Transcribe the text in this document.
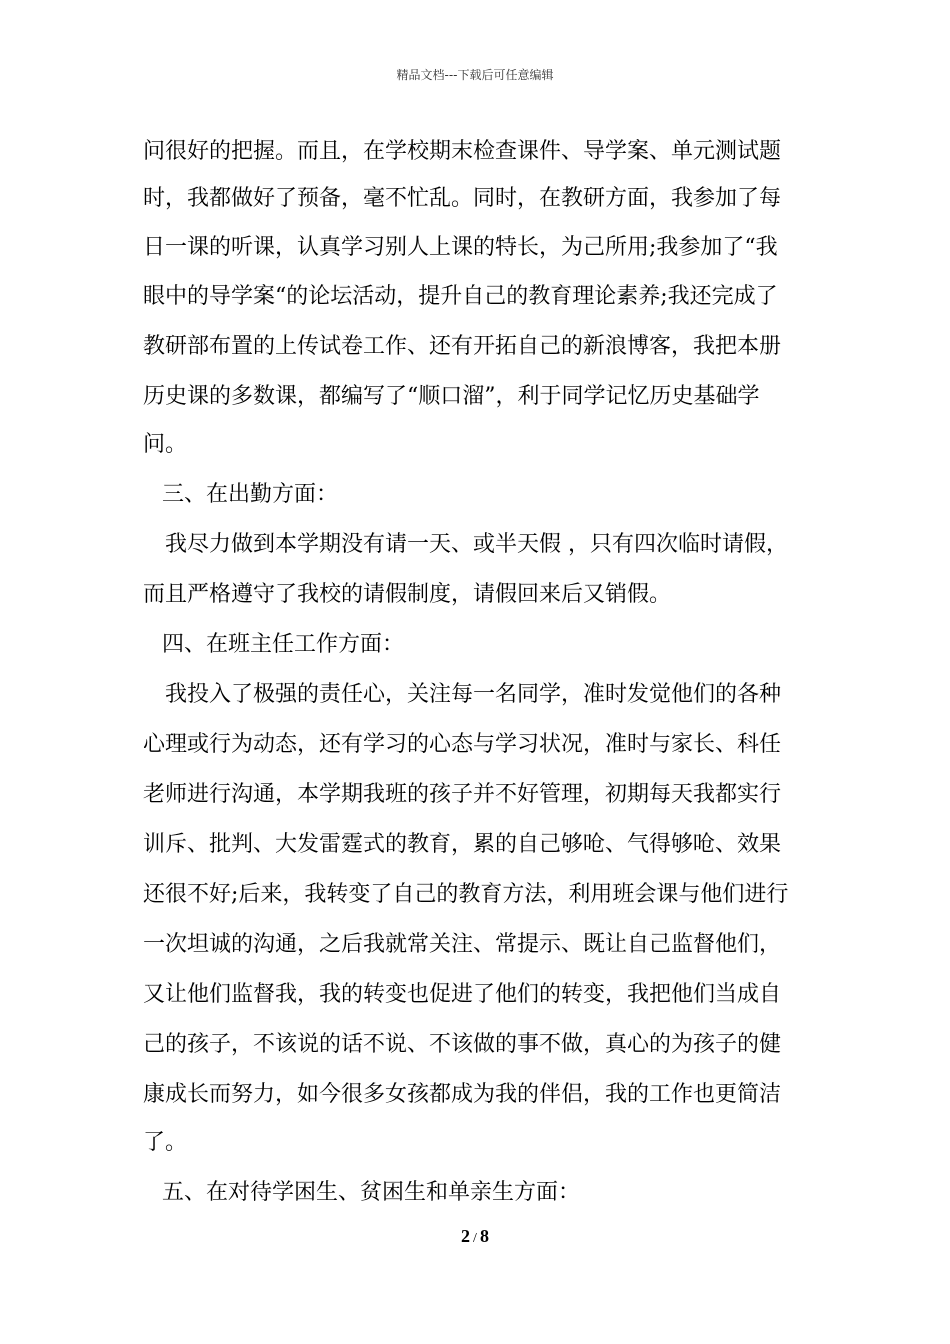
精品文档---下载后可任意编辑
问很好的把握。而且，在学校期末检查课件、导学案、单元测试题
时，我都做好了预备，毫不忙乱。同时，在教研方面，我参加了每
日一课的听课，认真学习别人上课的特长，为己所用;我参加了“我
眼中的导学案“的论坛活动，提升自己的教育理论素养;我还完成了
教研部布置的上传试卷工作、还有开拓自己的新浪博客，我把本册
历史课的多数课，都编写了“顺口溜”，利于同学记忆历史基础学
问。
三、在出勤方面：
我尽力做到本学期没有请一天、或半天假 ，只有四次临时请假，
而且严格遵守了我校的请假制度，请假回来后又销假。
四、在班主任工作方面：
我投入了极强的责任心，关注每一名同学，准时发觉他们的各种
心理或行为动态，还有学习的心态与学习状况，准时与家长、科任
老师进行沟通，本学期我班的孩子并不好管理，初期每天我都实行
训斥、批判、大发雷霆式的教育，累的自己够呛、气得够呛、效果
还很不好;后来，我转变了自己的教育方法，利用班会课与他们进行
一次坦诚的沟通，之后我就常关注、常提示、既让自己监督他们，
又让他们监督我，我的转变也促进了他们的转变，我把他们当成自
己的孩子，不该说的话不说、不该做的事不做，真心的为孩子的健
康成长而努力，如今很多女孩都成为我的伴侣，我的工作也更简洁
了。
五、在对待学困生、贫困生和单亲生方面：
2 / 8
